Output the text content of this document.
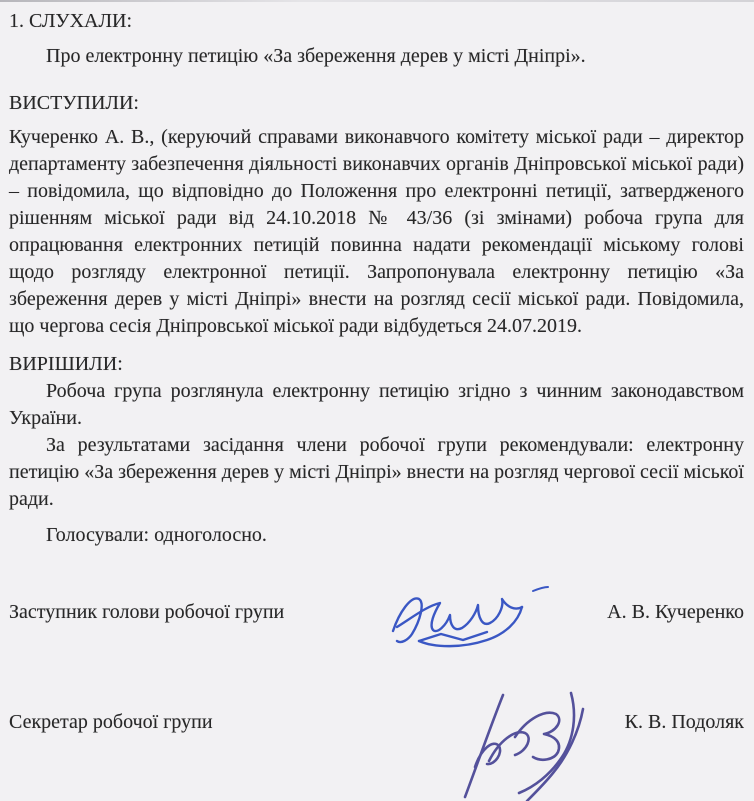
1. СЛУХАЛИ:
Про електронну петицію «За збереження дерев у місті Дніпрі».
ВИСТУПИЛИ:
Кучеренко А. В., (керуючий справами виконавчого комітету міської ради – директор департаменту забезпечення діяльності виконавчих органів Дніпровської міської ради) – повідомила, що відповідно до Положення про електронні петиції, затвердженого рішенням міської ради від 24.10.2018 № 43/36 (зі змінами) робоча група для опрацювання електронних петицій повинна надати рекомендації міському голові щодо розгляду електронної петиції. Запропонувала електронну петицію «За збереження дерев у місті Дніпрі» внести на розгляд сесії міської ради. Повідомила, що чергова сесія Дніпровської міської ради відбудеться 24.07.2019.
ВИРІШИЛИ:
Робоча група розглянула електронну петицію згідно з чинним законодавством України.
За результатами засідання члени робочої групи рекомендували: електронну петицію «За збереження дерев у місті Дніпрі» внести на розгляд чергової сесії міської ради.
Голосували: одноголосно.
Заступник голови робочої групи	А. В. Кучеренко
Секретар робочої групи	К. В. Подоляк
